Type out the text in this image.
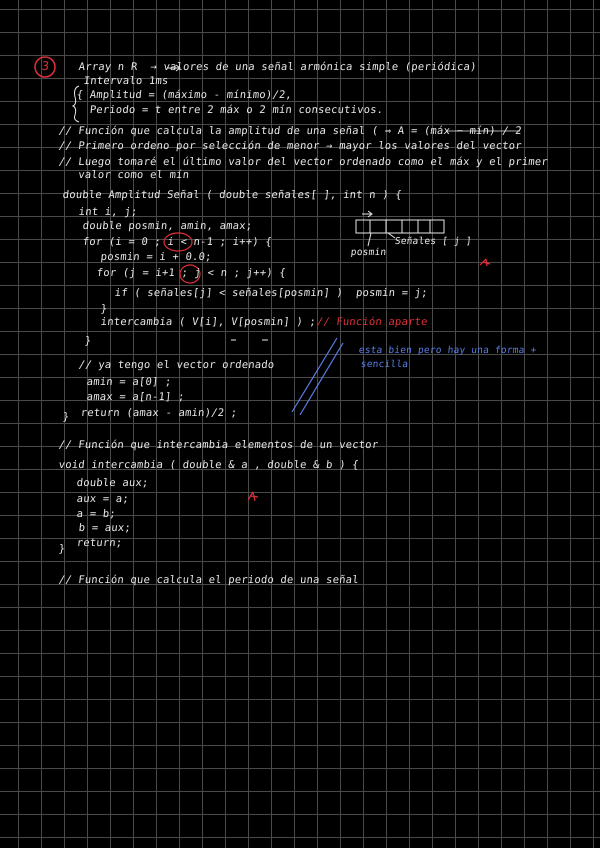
3	Array n R  → valores de una señal armónica simple (periódica)
Intervalo 1ms
{ Amplitud = (máximo - mínimo)/2,
Periodo = t entre 2 máx o 2 mín consecutivos.
// Función que calcula la amplitud de una señal ( ⇒ A = (máx − mín) / 2
// Primero ordeno por selección de menor → mayor los valores del vector
// Luego tomaré el último valor del vector ordenado como el máx y el primer
valor como el mín
double Amplitud Señal ( double señales[ ], int n ) {
int i, j;
double posmin, amin, amax;
for (i = 0 ; i < n-1 ; i++) {
posmin = i + 0.0;
for (j = i+1 ; j < n ; j++) {
if ( señales[j] < señales[posmin] )  posmin = j;
}
intercambia ( V[i], V[posmin] ) ;
}
// ya tengo el vector ordenado
amin = a[0] ;
amax = a[n-1] ;
return (amax - amin)/2 ;
}
// Función aparte
Señales [ j ]
posmin
esta bien pero hay una forma +
sencilla
// Función que intercambia elementos de un vector
void intercambia ( double & a , double & b ) {
double aux;
aux = a;
a = b;
b = aux;
return;
}
// Función que calcula el periodo de una señal
